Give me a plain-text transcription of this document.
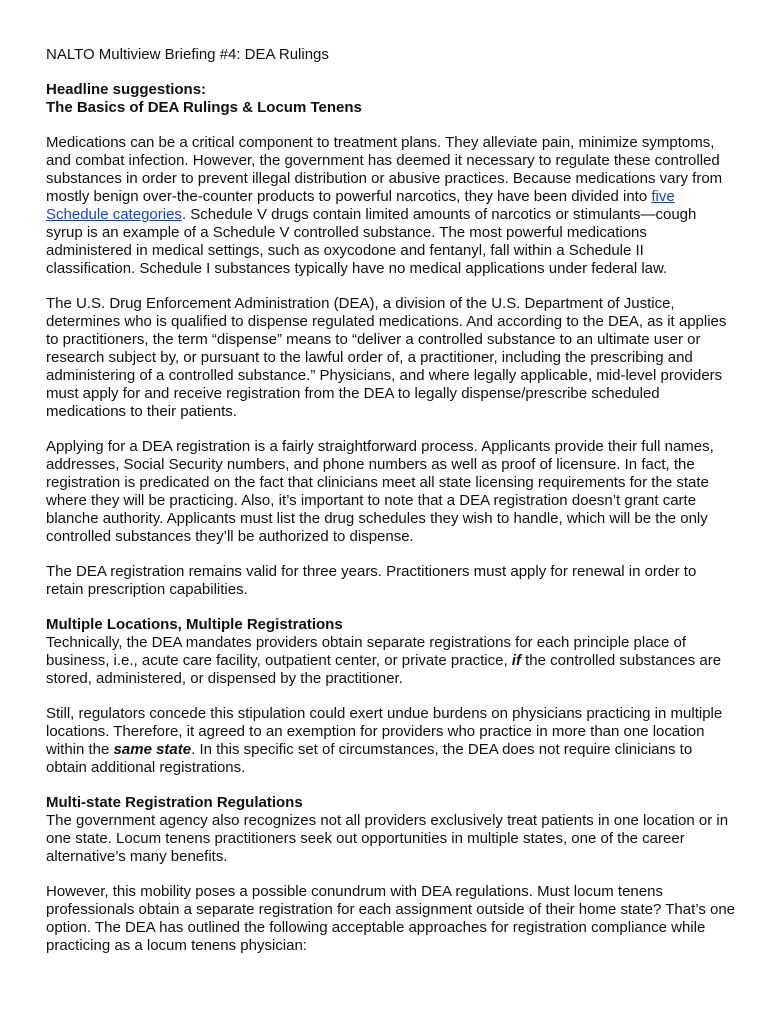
NALTO Multiview Briefing #4: DEA Rulings

Headline suggestions:
The Basics of DEA Rulings & Locum Tenens

Medications can be a critical component to treatment plans. They alleviate pain, minimize symptoms, and combat infection. However, the government has deemed it necessary to regulate these controlled substances in order to prevent illegal distribution or abusive practices. Because medications vary from mostly benign over-the-counter products to powerful narcotics, they have been divided into five Schedule categories. Schedule V drugs contain limited amounts of narcotics or stimulants—cough syrup is an example of a Schedule V controlled substance. The most powerful medications administered in medical settings, such as oxycodone and fentanyl, fall within a Schedule II classification. Schedule I substances typically have no medical applications under federal law.

The U.S. Drug Enforcement Administration (DEA), a division of the U.S. Department of Justice, determines who is qualified to dispense regulated medications. And according to the DEA, as it applies to practitioners, the term “dispense” means to “deliver a controlled substance to an ultimate user or research subject by, or pursuant to the lawful order of, a practitioner, including the prescribing and administering of a controlled substance.” Physicians, and where legally applicable, mid-level providers must apply for and receive registration from the DEA to legally dispense/prescribe scheduled medications to their patients.

Applying for a DEA registration is a fairly straightforward process. Applicants provide their full names, addresses, Social Security numbers, and phone numbers as well as proof of licensure. In fact, the registration is predicated on the fact that clinicians meet all state licensing requirements for the state where they will be practicing. Also, it’s important to note that a DEA registration doesn’t grant carte blanche authority. Applicants must list the drug schedules they wish to handle, which will be the only controlled substances they’ll be authorized to dispense.

The DEA registration remains valid for three years. Practitioners must apply for renewal in order to retain prescription capabilities.

Multiple Locations, Multiple Registrations
Technically, the DEA mandates providers obtain separate registrations for each principle place of business, i.e., acute care facility, outpatient center, or private practice, if the controlled substances are stored, administered, or dispensed by the practitioner.

Still, regulators concede this stipulation could exert undue burdens on physicians practicing in multiple locations. Therefore, it agreed to an exemption for providers who practice in more than one location within the same state. In this specific set of circumstances, the DEA does not require clinicians to obtain additional registrations.

Multi-state Registration Regulations
The government agency also recognizes not all providers exclusively treat patients in one location or in one state. Locum tenens practitioners seek out opportunities in multiple states, one of the career alternative’s many benefits.

However, this mobility poses a possible conundrum with DEA regulations. Must locum tenens professionals obtain a separate registration for each assignment outside of their home state? That’s one option. The DEA has outlined the following acceptable approaches for registration compliance while practicing as a locum tenens physician:
